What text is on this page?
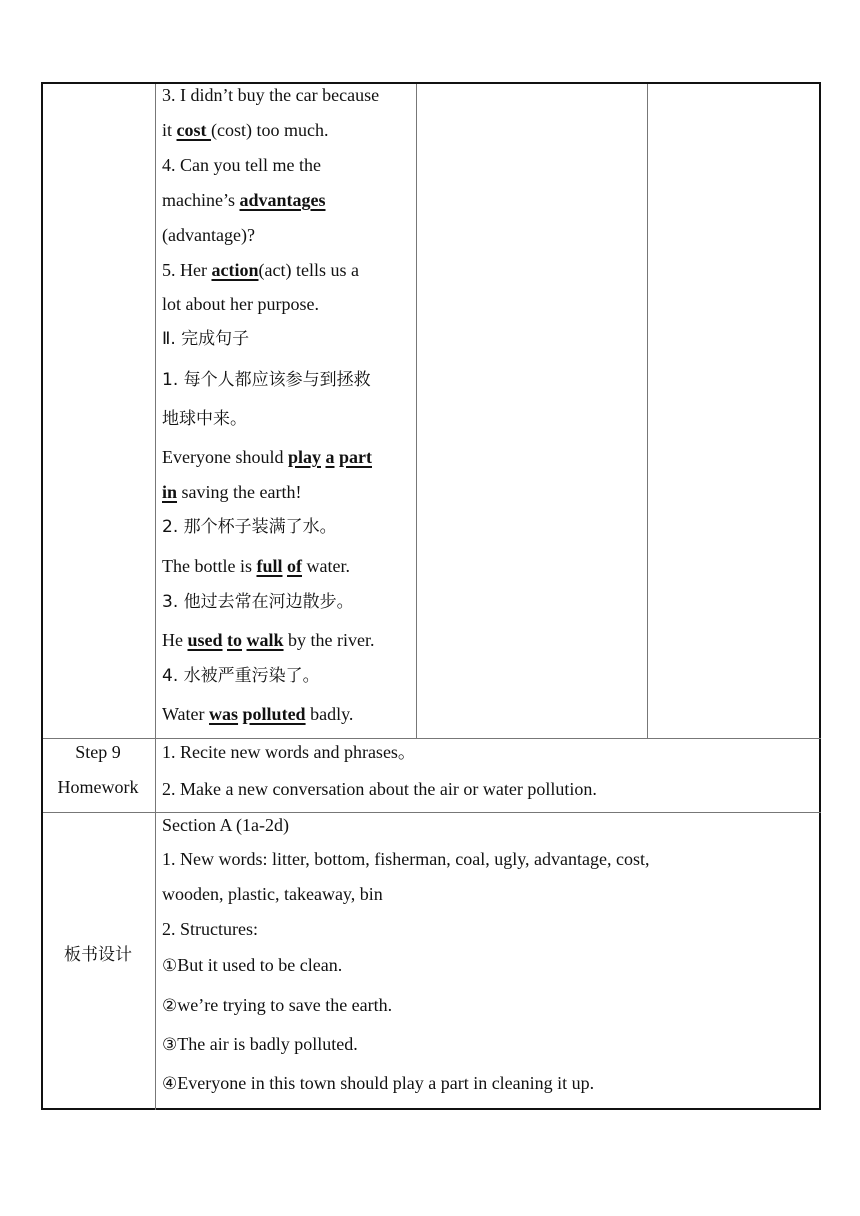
3. I didn’t buy the car because
it cost (cost) too much.
4. Can you tell me the
machine’s advantages
(advantage)?
5. Her action(act) tells us a
lot about her purpose.
Ⅱ. 完成句子
1. 每个人都应该参与到拯救
地球中来。
Everyone should play a part
in saving the earth!
2. 那个杯子装满了水。
The bottle is full of water.
3. 他过去常在河边散步。
He used to walk by the river.
4. 水被严重污染了。
Water was polluted badly.
Step 9
Homework
1. Recite new words and phrases。
2. Make a new conversation about the air or water pollution.
板书设计
Section A (1a-2d)
1. New words: litter, bottom, fisherman, coal, ugly, advantage, cost,
wooden, plastic, takeaway, bin
2. Structures:
①But it used to be clean.
②we’re trying to save the earth.
③The air is badly polluted.
④Everyone in this town should play a part in cleaning it up.
